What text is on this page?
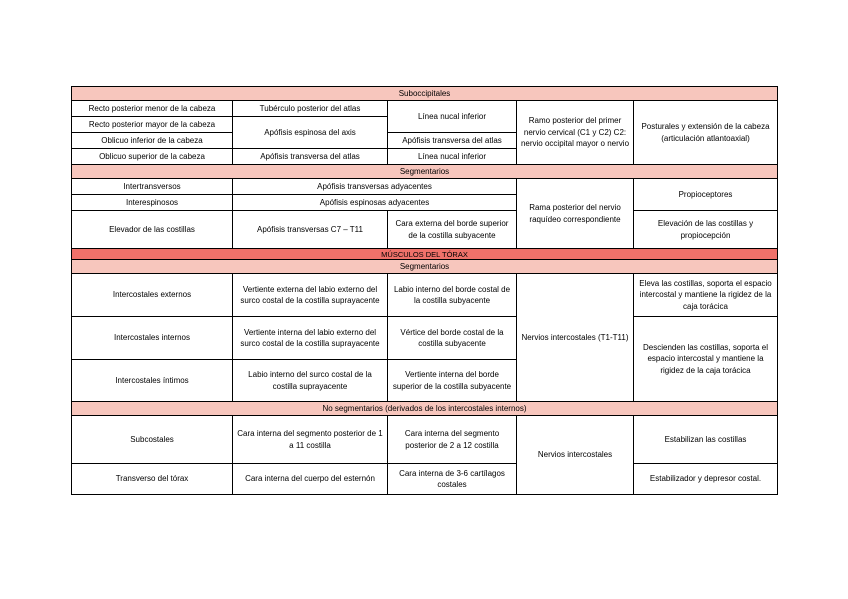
Suboccipitales				
Recto posterior menor de la cabeza	Tubérculo posterior del atlas	Línea nucal inferior	Ramo posterior del primer nervio cervical (C1 y C2) C2: nervio occipital mayor o nervio	Posturales y extensión de la cabeza (articulación atlantoaxial)
Recto posterior mayor de la cabeza	Apófisis espinosa del axis			
Oblicuo inferior de la cabeza		Apófisis transversa del atlas		
Oblicuo superior de la cabeza	Apófisis transversa del atlas	Línea nucal inferior		
Segmentarios				
Intertransversos	Apófisis transversas adyacentes		Rama posterior del nervio raquídeo correspondiente	Propioceptores
Interespinosos	Apófisis espinosas adyacentes			
Elevador de las costillas	Apófisis transversas C7 – T11	Cara externa del borde superior de la costilla subyacente		Elevación de las costillas y propiocepción
MÚSCULOS DEL TÓRAX				
Segmentarios				
Intercostales externos	Vertiente externa del labio externo del surco costal de la costilla suprayacente	Labio interno del borde costal de la costilla subyacente	Nervios intercostales (T1-T11)	Eleva las costillas, soporta el espacio intercostal y mantiene la rigidez de la caja torácica
Intercostales internos	Vertiente interna del labio externo del surco costal de la costilla suprayacente	Vértice del borde costal de la costilla subyacente		Descienden las costillas, soporta el espacio intercostal y mantiene la rigidez de la caja torácica
Intercostales íntimos	Labio interno del surco costal de la costilla suprayacente	Vertiente interna del borde superior de la costilla subyacente		
No segmentarios (derivados de los intercostales internos)				
Subcostales	Cara interna del segmento posterior de 1 a 11 costilla	Cara interna del segmento posterior de 2 a 12 costilla	Nervios intercostales	Estabilizan las costillas
Transverso del tórax	Cara interna del cuerpo del esternón	Cara interna de 3-6 cartílagos costales		Estabilizador y depresor costal.
